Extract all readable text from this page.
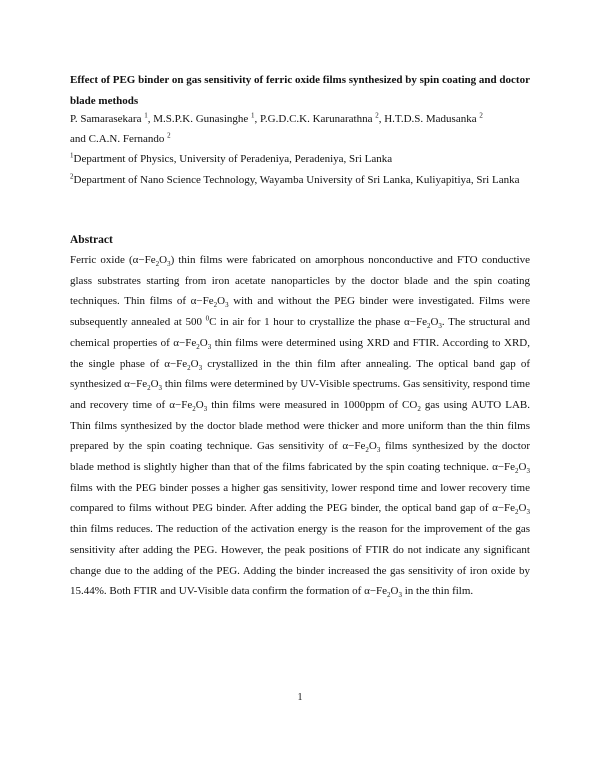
Effect of PEG binder on gas sensitivity of ferric oxide films synthesized by spin coating and doctor blade methods
P. Samarasekara $^1$, M.S.P.K. Gunasinghe $^1$, P.G.D.C.K. Karunarathna $^2$, H.T.D.S. Madusanka $^2$
and C.A.N. Fernando $^2$
$^1$Department of Physics, University of Peradeniya, Peradeniya, Sri Lanka
$^2$Department of Nano Science Technology, Wayamba University of Sri Lanka, Kuliyapitiya, Sri Lanka
Abstract
Ferric oxide $(\alpha-Fe_2O_3)$ thin films were fabricated on amorphous nonconductive and FTO conductive glass substrates starting from iron acetate nanoparticles by the doctor blade and the spin coating techniques. Thin films of $\alpha-Fe_2O_3$ with and without the PEG binder were investigated. Films were subsequently annealed at 500 $^0$C in air for 1 hour to crystallize the phase $\alpha-Fe_2O_3$. The structural and chemical properties of $\alpha-Fe_2O_3$ thin films were determined using XRD and FTIR. According to XRD, the single phase of $\alpha-Fe_2O_3$ crystallized in the thin film after annealing. The optical band gap of synthesized $\alpha-Fe_2O_3$ thin films were determined by UV-Visible spectrums. Gas sensitivity, respond time and recovery time of $\alpha-Fe_2O_3$ thin films were measured in 1000ppm of $CO_2$ gas using AUTO LAB. Thin films synthesized by the doctor blade method were thicker and more uniform than the thin films prepared by the spin coating technique. Gas sensitivity of $\alpha-Fe_2O_3$ films synthesized by the doctor blade method is slightly higher than that of the films fabricated by the spin coating technique. $\alpha-Fe_2O_3$ films with the PEG binder posses a higher gas sensitivity, lower respond time and lower recovery time compared to films without PEG binder. After adding the PEG binder, the optical band gap of $\alpha-Fe_2O_3$ thin films reduces. The reduction of the activation energy is the reason for the improvement of the gas sensitivity after adding the PEG. However, the peak positions of FTIR do not indicate any significant change due to the adding of the PEG. Adding the binder increased the gas sensitivity of iron oxide by 15.44%. Both FTIR and UV-Visible data confirm the formation of $\alpha-Fe_2O_3$ in the thin film.
1
